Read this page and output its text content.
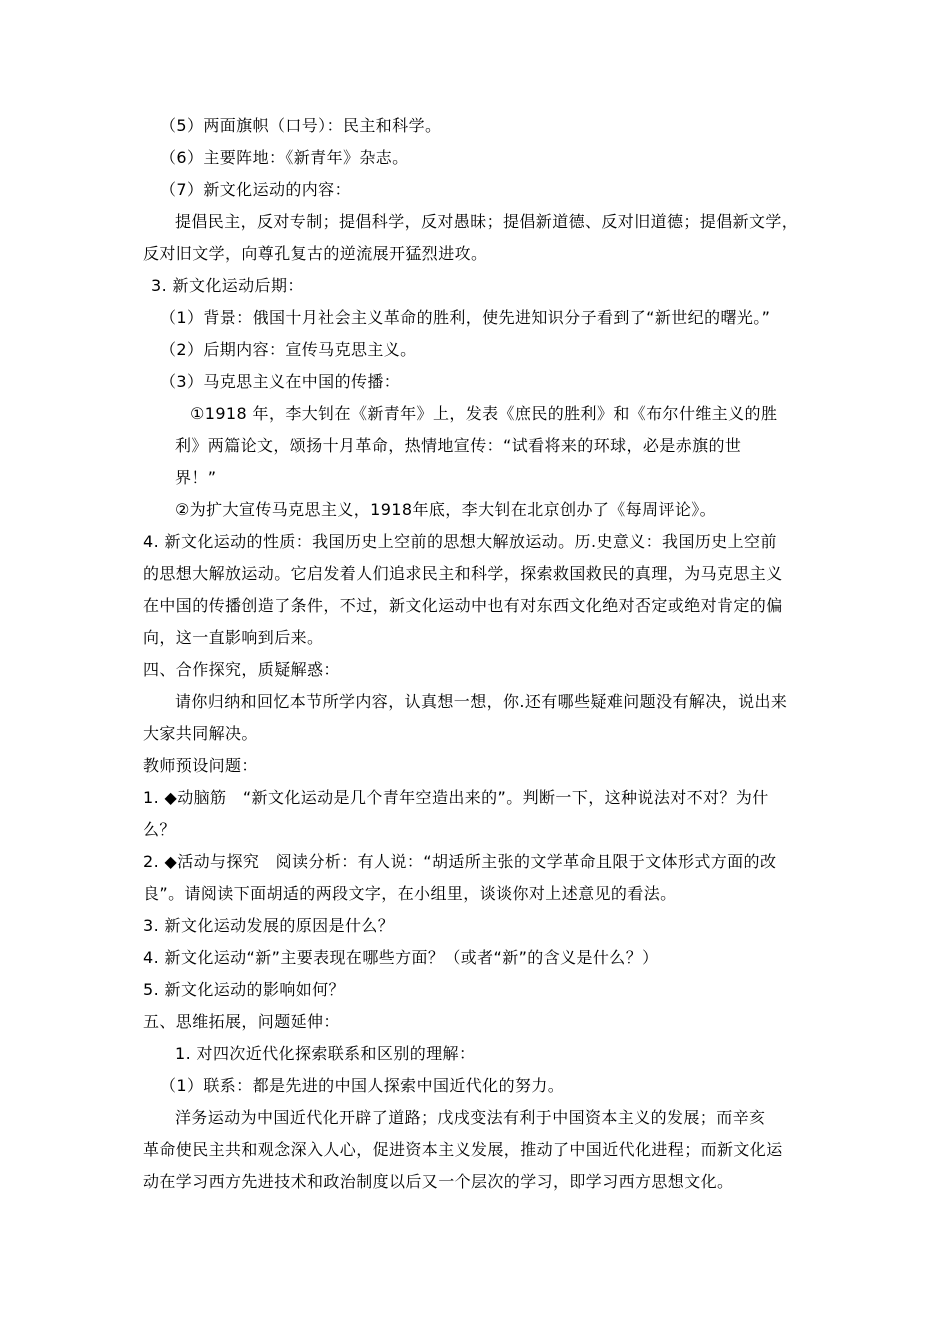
（5）两面旗帜（口号）：民主和科学。
（6）主要阵地：《新青年》杂志。
（7）新文化运动的内容：
提倡民主，反对专制；提倡科学，反对愚昧；提倡新道德、反对旧道德；提倡新文学，
反对旧文学，向尊孔复古的逆流展开猛烈进攻。
3. 新文化运动后期：
（1）背景：俄国十月社会主义革命的胜利，使先进知识分子看到了“新世纪的曙光。”
（2）后期内容：宣传马克思主义。
（3）马克思主义在中国的传播：
①1918 年，李大钊在《新青年》上，发表《庶民的胜利》和《布尔什维主义的胜
利》两篇论文，颂扬十月革命，热情地宣传：“试看将来的环球，必是赤旗的世
界！”
②为扩大宣传马克思主义，1918年底，李大钊在北京创办了《每周评论》。
4. 新文化运动的性质：我国历史上空前的思想大解放运动。历.史意义：我国历史上空前
的思想大解放运动。它启发着人们追求民主和科学，探索救国救民的真理，为马克思主义
在中国的传播创造了条件，不过，新文化运动中也有对东西文化绝对否定或绝对肯定的偏
向，这一直影响到后来。
四、合作探究，质疑解惑：
请你归纳和回忆本节所学内容，认真想一想，你.还有哪些疑难问题没有解决，说出来
大家共同解决。
教师预设问题：
1. ◆动脑筋　“新文化运动是几个青年空造出来的”。判断一下，这种说法对不对？为什
么？
2. ◆活动与探究　阅读分析：有人说：“胡适所主张的文学革命且限于文体形式方面的改
良”。请阅读下面胡适的两段文字，在小组里，谈谈你对上述意见的看法。
3. 新文化运动发展的原因是什么？
4. 新文化运动“新”主要表现在哪些方面？（或者“新”的含义是什么？）
5. 新文化运动的影响如何？
五、思维拓展，问题延伸：
1. 对四次近代化探索联系和区别的理解：
（1）联系：都是先进的中国人探索中国近代化的努力。
洋务运动为中国近代化开辟了道路；戊戌变法有利于中国资本主义的发展；而辛亥
革命使民主共和观念深入人心，促进资本主义发展，推动了中国近代化进程；而新文化运
动在学习西方先进技术和政治制度以后又一个层次的学习，即学习西方思想文化。
